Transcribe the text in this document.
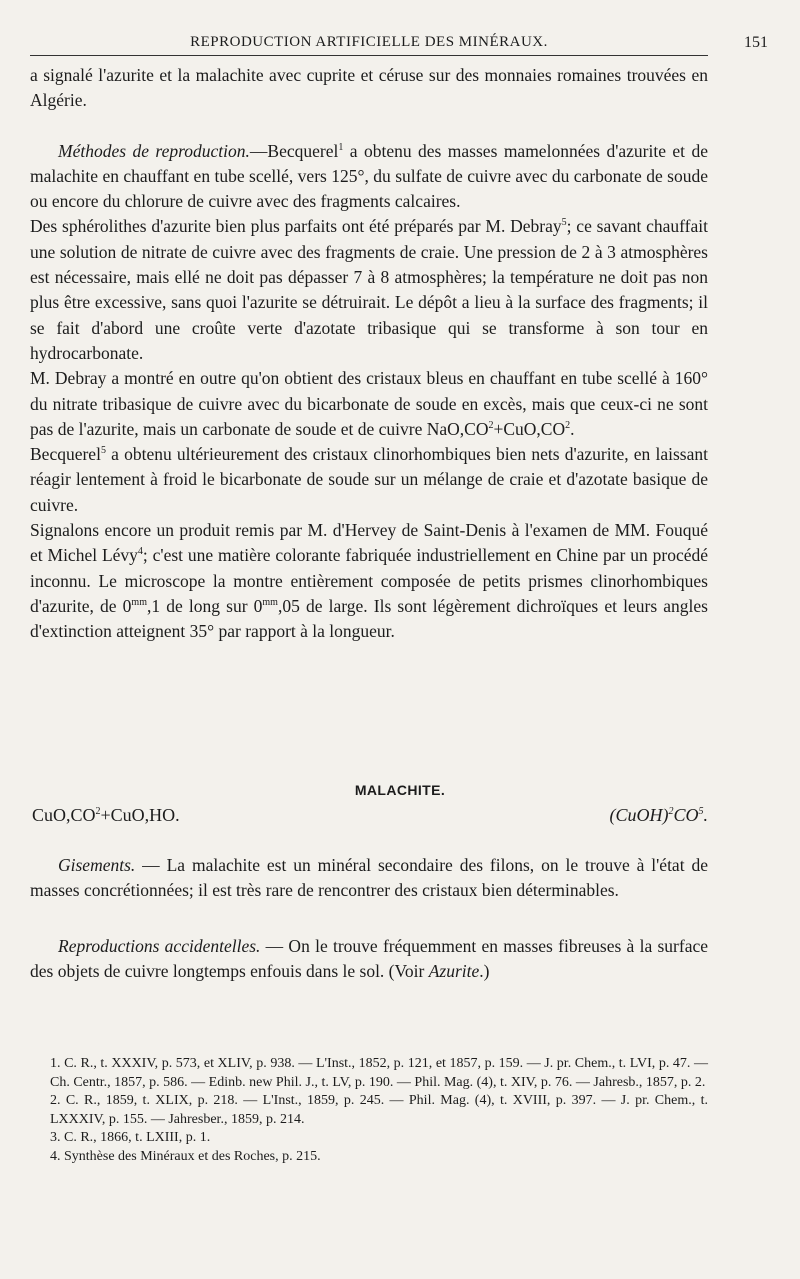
REPRODUCTION ARTIFICIELLE DES MINÉRAUX.	151

a signalé l'azurite et la malachite avec cuprite et céruse sur des monnaies romaines trouvées en Algérie.

Méthodes de reproduction.—Becquerel$^1$ a obtenu des masses mamelonnées d'azurite et de malachite en chauffant en tube scellé, vers 125°, du sulfate de cuivre avec du carbonate de soude ou encore du chlorure de cuivre avec des fragments calcaires.

Des sphérolithes d'azurite bien plus parfaits ont été préparés par M. Debray$^5$; ce savant chauffait une solution de nitrate de cuivre avec des fragments de craie. Une pression de 2 à 3 atmosphères est nécessaire, mais ellé ne doit pas dépasser 7 à 8 atmosphères; la température ne doit pas non plus être excessive, sans quoi l'azurite se détruirait. Le dépôt a lieu à la surface des fragments; il se fait d'abord une croûte verte d'azotate tribasique qui se transforme à son tour en hydrocarbonate.

M. Debray a montré en outre qu'on obtient des cristaux bleus en chauffant en tube scellé à 160° du nitrate tribasique de cuivre avec du bicarbonate de soude en excès, mais que ceux-ci ne sont pas de l'azurite, mais un carbonate de soude et de cuivre $NaO,CO^2+CuO,CO^2$.

Becquerel$^5$ a obtenu ultérieurement des cristaux clinorhombiques bien nets d'azurite, en laissant réagir lentement à froid le bicarbonate de soude sur un mélange de craie et d'azotate basique de cuivre.

Signalons encore un produit remis par M. d'Hervey de Saint-Denis à l'examen de MM. Fouqué et Michel Lévy$^4$; c'est une matière colorante fabriquée industriellement en Chine par un procédé inconnu. Le microscope la montre entièrement composée de petits prismes clinorhombiques d'azurite, de $0^{mm},1$ de long sur $0^{mm},05$ de large. Ils sont légèrement dichroïques et leurs angles d'extinction atteignent 35° par rapport à la longueur.

MALACHITE.
$CuO,CO^2+CuO,HO$.	$(CuOH)^2CO^5$.

Gisements. — La malachite est un minéral secondaire des filons, on le trouve à l'état de masses concrétionnées; il est très rare de rencontrer des cristaux bien déterminables.

Reproductions accidentelles. — On le trouve fréquemment en masses fibreuses à la surface des objets de cuivre longtemps enfouis dans le sol. (Voir Azurite.)

1. C. R., t. XXXIV, p. 573, et XLIV, p. 938. — L'Inst., 1852, p. 121, et 1857, p. 159. — J. pr. Chem., t. LVI, p. 47. — Ch. Centr., 1857, p. 586. — Edinb. new Phil. J., t. LV, p. 190. — Phil. Mag. (4), t. XIV, p. 76. — Jahresb., 1857, p. 2.

2. C. R., 1859, t. XLIX, p. 218. — L'Inst., 1859, p. 245. — Phil. Mag. (4), t. XVIII, p. 397. — J. pr. Chem., t. LXXXIV, p. 155. — Jahresber., 1859, p. 214.

3. C. R., 1866, t. LXIII, p. 1.

4. Synthèse des Minéraux et des Roches, p. 215.
